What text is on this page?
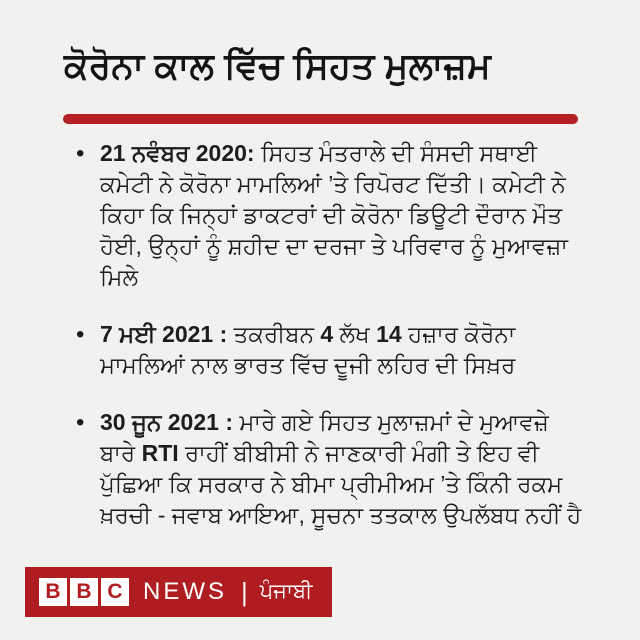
ਕੋਰੋਨਾ ਕਾਲ ਵਿੱਚ ਸਿਹਤ ਮੁਲਾਜ਼ਮ
• 21 ਨਵੰਬਰ 2020: ਸਿਹਤ ਮੰਤਰਾਲੇ ਦੀ ਸੰਸਦੀ ਸਥਾਈ ਕਮੇਟੀ ਨੇ ਕੋਰੋਨਾ ਮਾਮਲਿਆਂ ’ਤੇ ਰਿਪੋਰਟ ਦਿੱਤੀ। ਕਮੇਟੀ ਨੇ ਕਿਹਾ ਕਿ ਜਿਨ੍ਹਾਂ ਡਾਕਟਰਾਂ ਦੀ ਕੋਰੋਨਾ ਡਿਊਟੀ ਦੌਰਾਨ ਮੌਤ ਹੋਈ, ਉਨ੍ਹਾਂ ਨੂੰ ਸ਼ਹੀਦ ਦਾ ਦਰਜਾ ਤੇ ਪਰਿਵਾਰ ਨੂੰ ਮੁਆਵਜ਼ਾ ਮਿਲੇ
• 7 ਮਈ 2021 : ਤਕਰੀਬਨ 4 ਲੱਖ 14 ਹਜ਼ਾਰ ਕੋਰੋਨਾ ਮਾਮਲਿਆਂ ਨਾਲ ਭਾਰਤ ਵਿੱਚ ਦੂਜੀ ਲਹਿਰ ਦੀ ਸਿਖ਼ਰ
• 30 ਜੂਨ 2021 : ਮਾਰੇ ਗਏ ਸਿਹਤ ਮੁਲਾਜ਼ਮਾਂ ਦੇ ਮੁਆਵਜ਼ੇ ਬਾਰੇ RTI ਰਾਹੀਂ ਬੀਬੀਸੀ ਨੇ ਜਾਣਕਾਰੀ ਮੰਗੀ ਤੇ ਇਹ ਵੀ ਪੁੱਛਿਆ ਕਿ ਸਰਕਾਰ ਨੇ ਬੀਮਾ ਪ੍ਰੀਮੀਅਮ ’ਤੇ ਕਿੰਨੀ ਰਕਮ ਖ਼ਰਚੀ - ਜਵਾਬ ਆਇਆ, ਸੂਚਨਾ ਤਤਕਾਲ ਉਪਲੱਬਧ ਨਹੀਂ ਹੈ
B B C NEWS | ਪੰਜਾਬੀ
